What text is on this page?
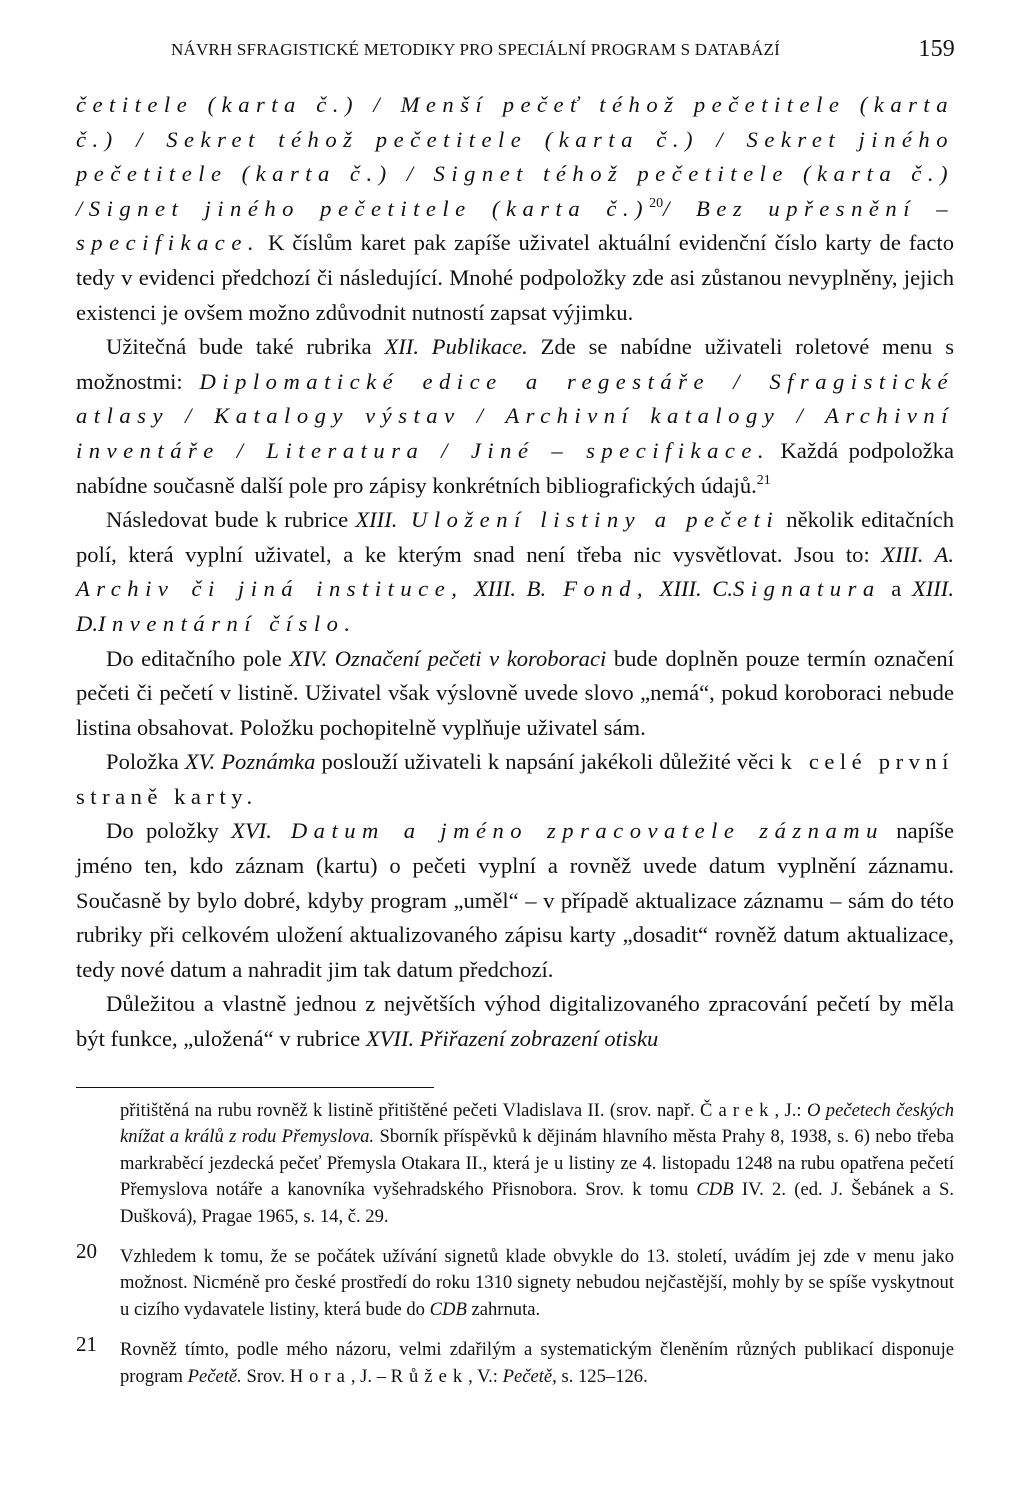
NÁVRH SFRAGISTICKÉ METODIKY PRO SPECIÁLNÍ PROGRAM S DATABÁZÍ	159

četitele (karta č.) / Menší pečeť téhož pečetitele (karta č.) / Sekret téhož pečetitele (karta č.) / Sekret jiného pečetitele (karta č.) / Signet téhož pečetitele (karta č.) /Signet jiného pečetitele (karta č.)$^{20}$/ Bez upřesnění – specifikace. K číslům karet pak zapíše uživatel aktuální evidenční číslo karty de facto tedy v evidenci předchozí či následující. Mnohé podpoložky zde asi zůstanou nevyplněny, jejich existenci je ovšem možno zdůvodnit nutností zapsat výjimku.

Užitečná bude také rubrika XII. Publikace. Zde se nabídne uživateli roletové menu s možnostmi: Diplomatické edice a regestáře / Sfragistické atlasy / Katalogy výstav / Archivní katalogy / Archivní inventáře / Literatura / Jiné – specifikace. Každá podpoložka nabídne současně další pole pro zápisy konkrétních bibliografických údajů.$^{21}$

Následovat bude k rubrice XIII. Uložení listiny a pečeti několik editačních polí, která vyplní uživatel, a ke kterým snad není třeba nic vysvětlovat. Jsou to: XIII. A. Archiv či jiná instituce, XIII. B. Fond, XIII. C.Signatura a XIII. D.Inventární číslo.

Do editačního pole XIV. Označení pečeti v koroboraci bude doplněn pouze termín označení pečeti či pečetí v listině. Uživatel však výslovně uvede slovo „nemá“, pokud koroboraci nebude listina obsahovat. Položku pochopitelně vyplňuje uživatel sám.

Položka XV. Poznámka poslouží uživateli k napsání jakékoli důležité věci k celé první straně karty.

Do položky XVI. Datum a jméno zpracovatele záznamu napíše jméno ten, kdo záznam (kartu) o pečeti vyplní a rovněž uvede datum vyplnění záznamu. Současně by bylo dobré, kdyby program „uměl“ – v případě aktualizace záznamu – sám do této rubriky při celkovém uložení aktualizovaného zápisu karty „dosadit“ rovněž datum aktualizace, tedy nové datum a nahradit jim tak datum předchozí.

Důležitou a vlastně jednou z největších výhod digitalizovaného zpracování pečetí by měla být funkce, „uložená“ v rubrice XVII. Přiřazení zobrazení otisku

přitištěná na rubu rovněž k listině přitištěné pečeti Vladislava II. (srov. např. Čarek, J.: O pečetech českých knížat a králů z rodu Přemyslova. Sborník příspěvků k dějinám hlavního města Prahy 8, 1938, s. 6) nebo třeba markraběcí jezdecká pečeť Přemysla Otakara II., která je u listiny ze 4. listopadu 1248 na rubu opatřena pečetí Přemyslova notáře a kanovníka vyšehradského Přisnobora. Srov. k tomu CDB IV. 2. (ed. J. Šebánek a S. Dušková), Pragae 1965, s. 14, č. 29.
20 Vzhledem k tomu, že se počátek užívání signetů klade obvykle do 13. století, uvádím jej zde v menu jako možnost. Nicméně pro české prostředí do roku 1310 signety nebudou nejčastější, mohly by se spíše vyskytnout u cizího vydavatele listiny, která bude do CDB zahrnuta.
21 Rovněž tímto, podle mého názoru, velmi zdařilým a systematickým členěním různých publikací disponuje program Pečetě. Srov. Hora, J. – Růžek, V.: Pečetě, s. 125–126.
